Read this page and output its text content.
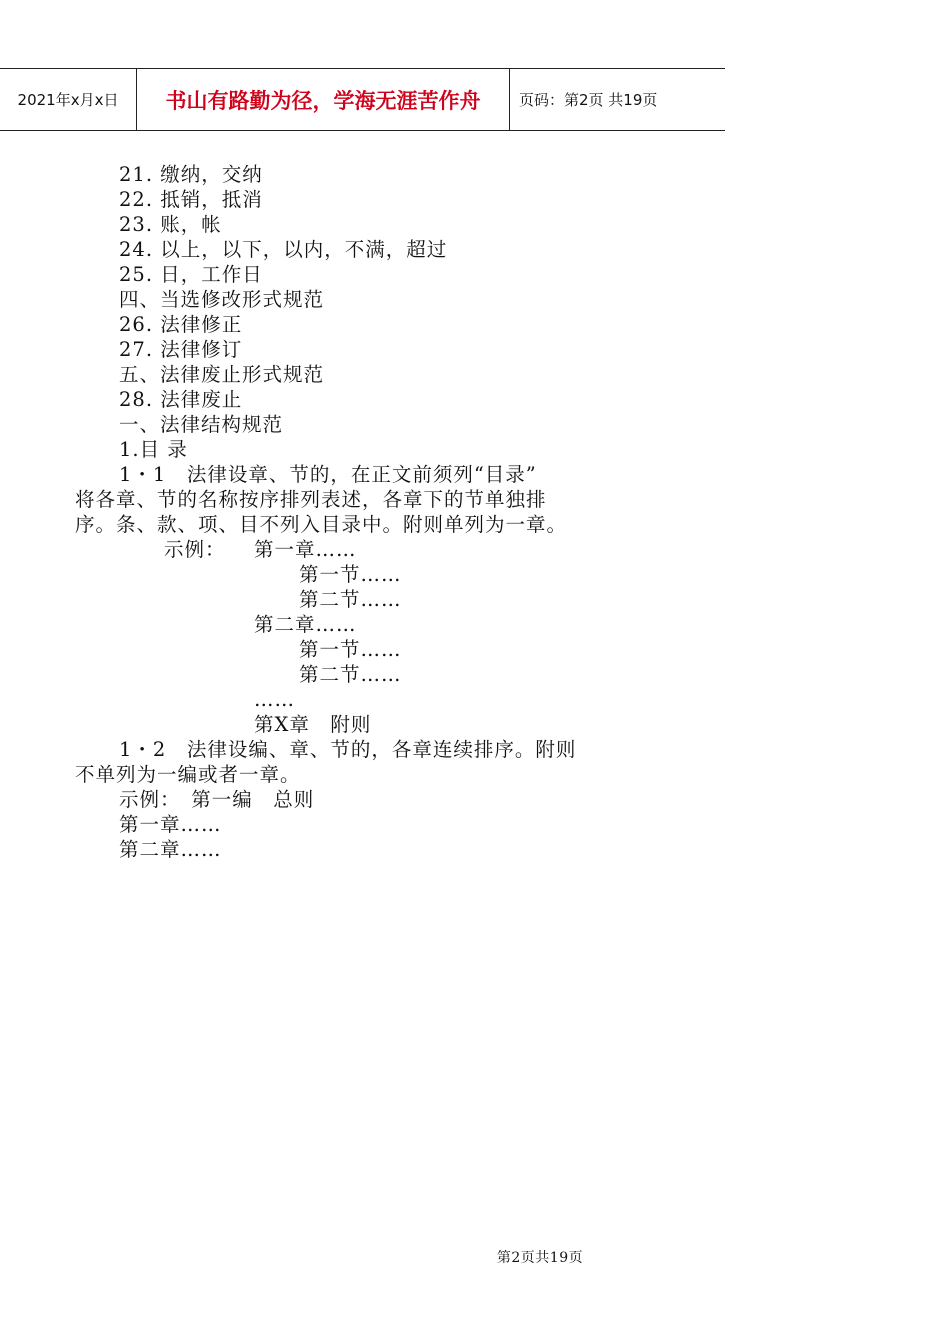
2021年x月x日	书山有路勤为径，学海无涯苦作舟	页码：第2页 共19页
21. 缴纳，交纳
22. 抵销，抵消
23. 账，帐
24. 以上，以下，以内，不满，超过
25. 日，工作日
四、当选修改形式规范
26. 法律修正
27. 法律修订
五、法律废止形式规范
28. 法律废止
一、法律结构规范
1.目 录
1・1　法律设章、节的，在正文前须列“目录”
将各章、节的名称按序排列表述，各章下的节单独排
序。条、款、项、目不列入目录中。附则单列为一章。
示例： 第一章……
第一节……
第二节……
第二章……
第一节……
第二节……
……
第Ⅹ章　附则
1・2　法律设编、章、节的，各章连续排序。附则
不单列为一编或者一章。
示例：　第一编　总则
第一章……
第二章……
第2页共19页
